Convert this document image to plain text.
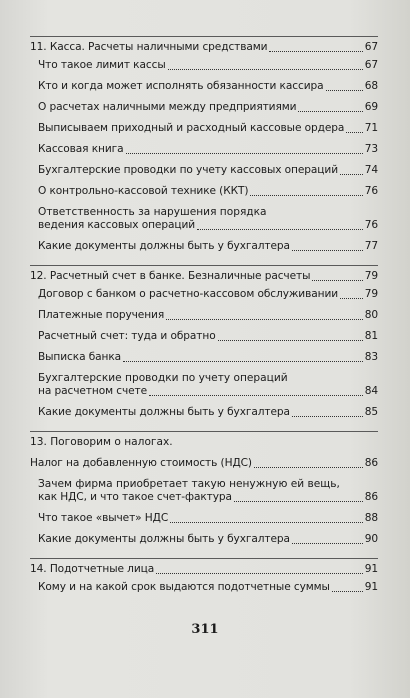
11. Касса. Расчеты наличными средствами	67
Что такое лимит кассы	67
Кто и когда может исполнять обязанности кассира	68
О расчетах наличными между предприятиями	69
Выписываем приходный и расходный кассовые ордера 71
Кассовая книга	73
Бухгалтерские проводки по учету кассовых операций	74
О контрольно-кассовой технике (ККТ)	76
Ответственность за нарушения порядка
ведения кассовых операций	76
Какие документы должны быть у бухгалтера	77
12. Расчетный счет в банке. Безналичные расчеты	79
Договор с банком о расчетно-кассовом обслуживании	79
Платежные поручения	80
Расчетный счет: туда и обратно	81
Выписка банка	83
Бухгалтерские проводки по учету операций
на расчетном счете	84
Какие документы должны быть у бухгалтера	85
13. Поговорим о налогах.
Налог на добавленную стоимость (НДС)	86
Зачем фирма приобретает такую ненужную ей вещь,
как НДС, и что такое счет-фактура	86
Что такое «вычет» НДС	88
Какие документы должны быть у бухгалтера	90
14. Подотчетные лица	91
Кому и на какой срок выдаются подотчетные суммы	91
311
